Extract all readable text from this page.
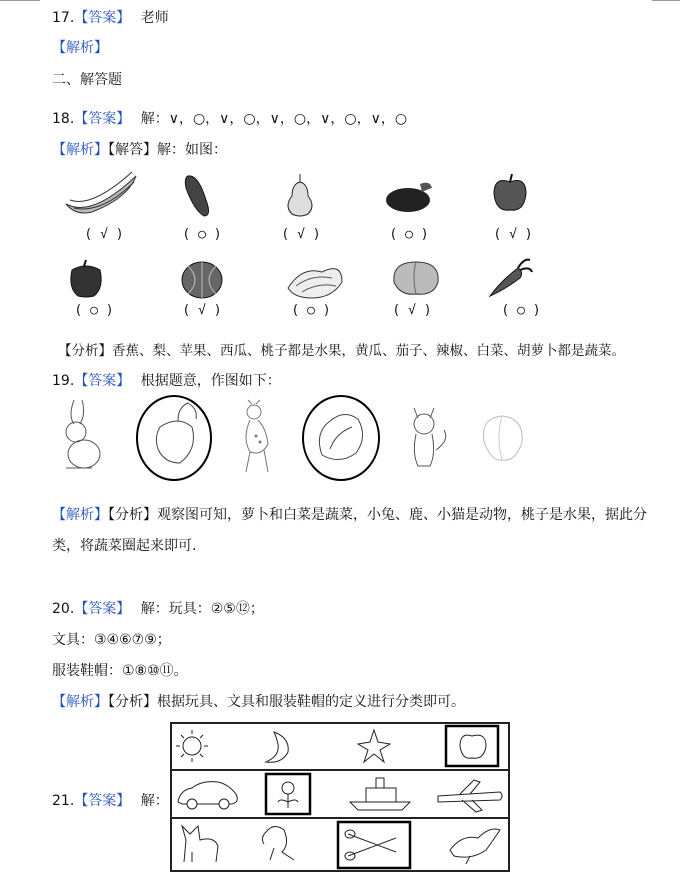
17.【答案】 老师
【解析】
二、解答题
18.【答案】 解：∨，○，∨，○，∨，○，∨，○，∨，○
【解析】【解答】解：如图：
( √ )	( ○ )	( √ )	( ○ )	( √ )
( ○ )	( √ )	( ○ )	( √ )	( ○ )
【分析】香蕉、梨、苹果、西瓜、桃子都是水果，黄瓜、茄子、辣椒、白菜、胡萝卜都是蔬菜。
19.【答案】 根据题意，作图如下：
【解析】【分析】观察图可知，萝卜和白菜是蔬菜，小兔、鹿、小猫是动物，桃子是水果，据此分
类，将蔬菜圈起来即可.
20.【答案】 解：玩具：②⑤⑫；
文具：③④⑥⑦⑨；
服装鞋帽：①⑧⑩⑪。
【解析】【分析】根据玩具、文具和服装鞋帽的定义进行分类即可。
21.【答案】 解：
